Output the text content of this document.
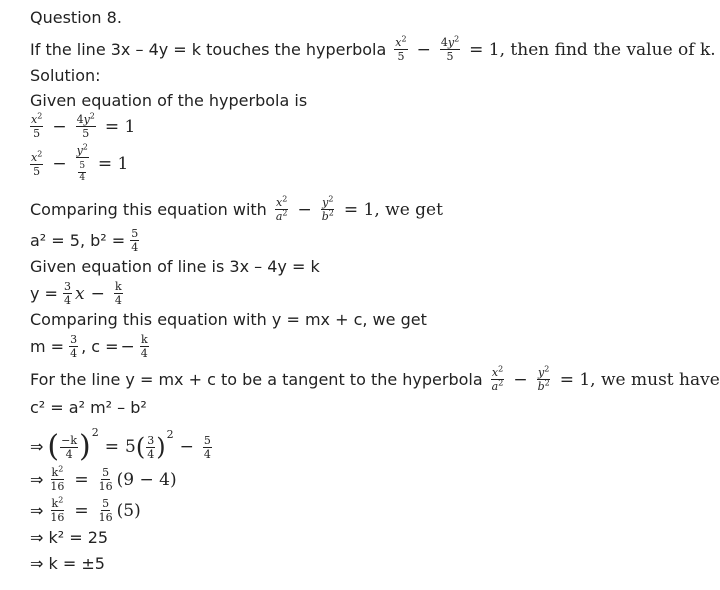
Question 8.
If the line 3x – 4y = k touches the hyperbola $\frac{x^2}{5} - \frac{4y^2}{5} = 1$, then find the value of k.
Solution:
Given equation of the hyperbola is
$\frac{x^2}{5} - \frac{4y^2}{5} = 1$
$\frac{x^2}{5} - \frac{y^2}{\frac{5}{4}} = 1$
Comparing this equation with $\frac{x^2}{a^2} - \frac{y^2}{b^2} = 1$, we get
a² = 5, $b^2 = \frac{5}{4}$
Given equation of line is 3x – 4y = k
$y = \frac{3}{4}$ $x - \frac{k}{4}$
Comparing this equation with y = mx + c, we get
$m = \frac{3}{4}$ , c = − $\frac{k}{4}$
For the line y = mx + c to be a tangent to the hyperbola $\frac{x^2}{a^2} - \frac{y^2}{b^2} = 1$, we must have
c² = a² m² – b²
⇒ ( $\frac{-k}{4}$ ) 2
= 5 ( $\frac{3}{4}$ ) 2
− $\frac{5}{4}$
⇒ $\frac{k^2}{16} = \frac{5}{16} (9 - 4)$
⇒ $\frac{k^2}{16} = \frac{5}{16} (5)$
⇒ k² = 25
⇒ k = ±5
